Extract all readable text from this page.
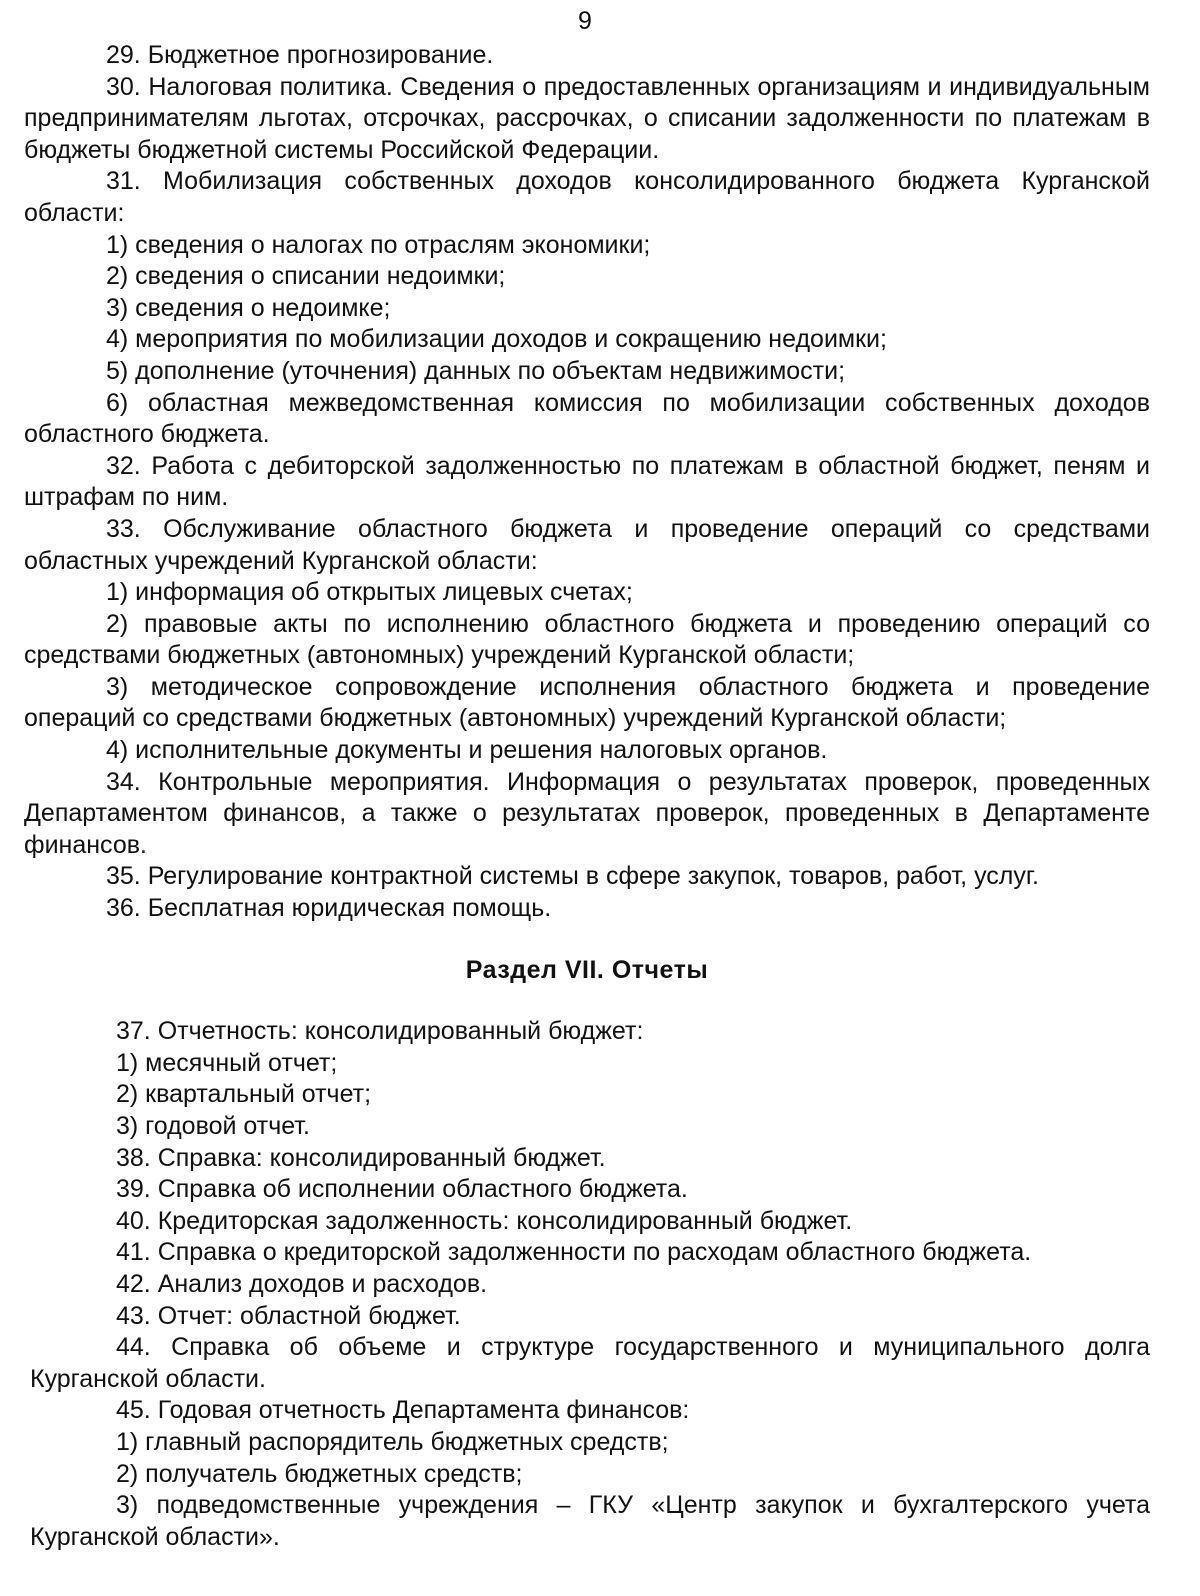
9

29. Бюджетное прогнозирование.

30. Налоговая политика. Сведения о предоставленных организациям и индивидуальным предпринимателям льготах, отсрочках, рассрочках, о списании задолженности по платежам в бюджеты бюджетной системы Российской Федерации.

31. Мобилизация собственных доходов консолидированного бюджета Курганской области:

1) сведения о налогах по отраслям экономики;

2) сведения о списании недоимки;

3) сведения о недоимке;

4) мероприятия по мобилизации доходов и сокращению недоимки;

5) дополнение (уточнения) данных по объектам недвижимости;

6) областная межведомственная комиссия по мобилизации собственных доходов областного бюджета.

32. Работа с дебиторской задолженностью по платежам в областной бюджет, пеням и штрафам по ним.

33. Обслуживание областного бюджета и проведение операций со средствами областных учреждений Курганской области:

1) информация об открытых лицевых счетах;

2) правовые акты по исполнению областного бюджета и проведению операций со средствами бюджетных (автономных) учреждений Курганской области;

3) методическое сопровождение исполнения областного бюджета и проведение операций со средствами бюджетных (автономных) учреждений Курганской области;

4) исполнительные документы и решения налоговых органов.

34. Контрольные мероприятия. Информация о результатах проверок, проведенных Департаментом финансов, а также о результатах проверок, проведенных в Департаменте финансов.

35. Регулирование контрактной системы в сфере закупок, товаров, работ, услуг.

36. Бесплатная юридическая помощь.

Раздел VII. Отчеты

37. Отчетность: консолидированный бюджет:

1) месячный отчет;

2) квартальный отчет;

3) годовой отчет.

38. Справка: консолидированный бюджет.

39. Справка об исполнении областного бюджета.

40. Кредиторская задолженность: консолидированный бюджет.

41. Справка о кредиторской задолженности по расходам областного бюджета.

42. Анализ доходов и расходов.

43. Отчет: областной бюджет.

44. Справка об объеме и структуре государственного и муниципального долга Курганской области.

45. Годовая отчетность Департамента финансов:

1) главный распорядитель бюджетных средств;

2) получатель бюджетных средств;

3) подведомственные учреждения – ГКУ «Центр закупок и бухгалтерского учета Курганской области».
